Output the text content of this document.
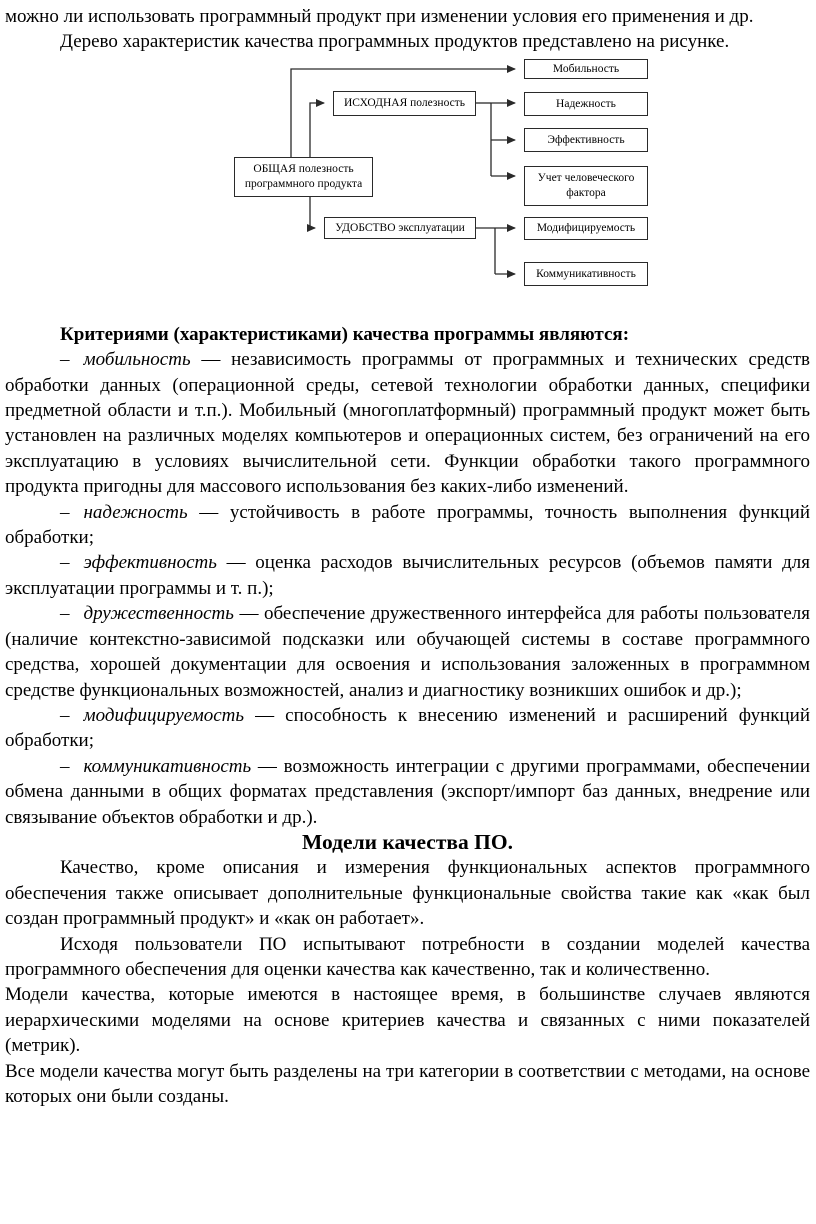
можно ли использовать программный продукт при изменении условия его применения и др.

Дерево характеристик качества программных продуктов представлено на рисунке.

Мобильность
ИСХОДНАЯ полезность	Надежность
Эффективность
ОБЩАЯ полезность программного продукта	Учет человеческого фактора
УДОБСТВО эксплуатации	Модифицируемость
Коммуникативность

Критериями (характеристиками) качества программы являются:

– мобильность — независимость программы от программных и технических средств обработки данных (операционной среды, сетевой технологии обработки данных, специфики предметной области и т.п.). Мобильный (многоплатформный) программный продукт может быть установлен на различных моделях компьютеров и операционных систем, без ограничений на его эксплуатацию в условиях вычислительной сети. Функции обработки такого программного продукта пригодны для массового использования без каких-либо изменений.

– надежность — устойчивость в работе программы, точность выполнения функций обработки;

– эффективность — оценка расходов вычислительных ресурсов (объемов памяти для эксплуатации программы и т. п.);

– дружественность — обеспечение дружественного интерфейса для работы пользователя (наличие контекстно-зависимой подсказки или обучающей системы в составе программного средства, хорошей документации для освоения и использования заложенных в программном средстве функциональных возможностей, анализ и диагностику возникших ошибок и др.);

– модифицируемость — способность к внесению изменений и расширений функций обработки;

– коммуникативность — возможность интеграции с другими программами, обеспечении обмена данными в общих форматах представления (экспорт/импорт баз данных, внедрение или связывание объектов обработки и др.).

Модели качества ПО.

Качество, кроме описания и измерения функциональных аспектов программного обеспечения также описывает дополнительные функциональные свойства такие как «как был создан программный продукт» и «как он работает».

Исходя пользователи ПО испытывают потребности в создании моделей качества программного обеспечения для оценки качества как качественно, так и количественно.

Модели качества, которые имеются в настоящее время, в большинстве случаев являются иерархическими моделями на основе критериев качества и связанных с ними показателей (метрик).

Все модели качества могут быть разделены на три категории в соответствии с методами, на основе которых они были созданы.
